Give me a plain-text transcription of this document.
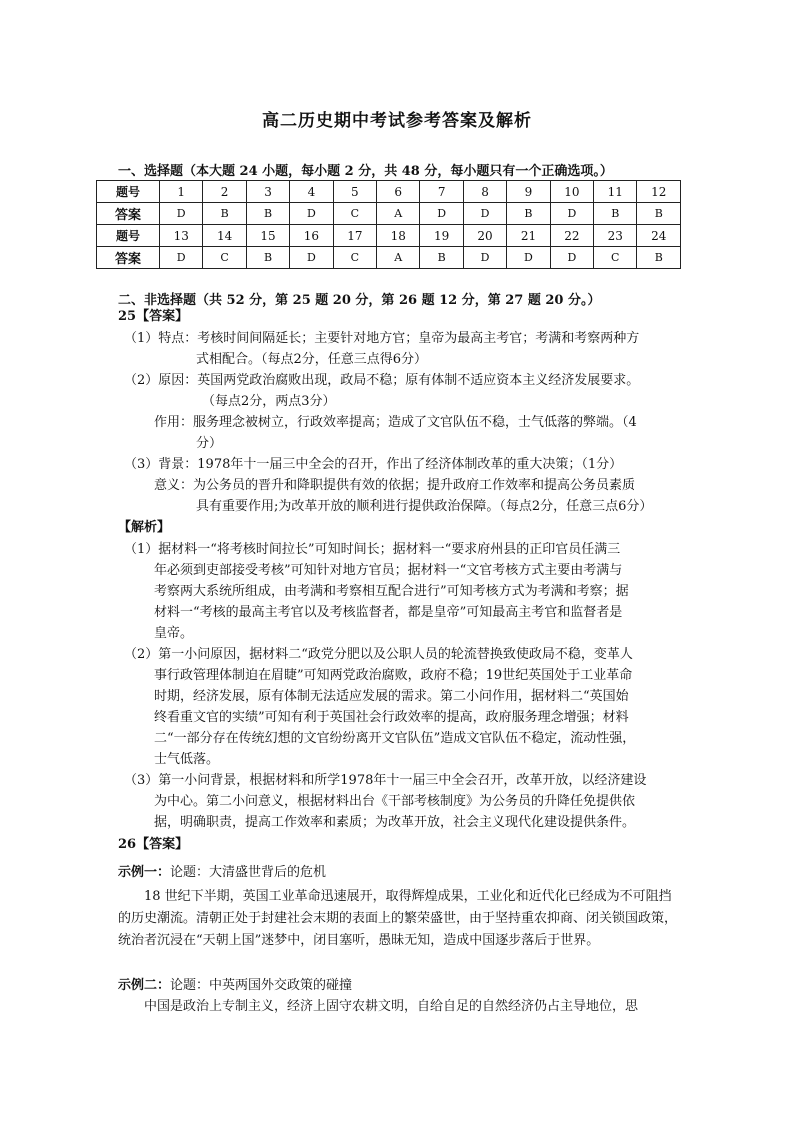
高二历史期中考试参考答案及解析
一、选择题（本大题 24 小题，每小题 2 分，共 48 分，每小题只有一个正确选项。）
题号	1	2	3	4	5	6	7	8	9	10	11	12
答案	D	B	B	D	C	A	D	D	B	D	B	B
题号	13	14	15	16	17	18	19	20	21	22	23	24
答案	D	C	B	D	C	A	B	D	D	D	C	B
二、非选择题（共 52 分，第 25 题 20 分，第 26 题 12 分，第 27 题 20 分。）
25【答案】
（1）特点：考核时间间隔延长；主要针对地方官；皇帝为最高主考官；考满和考察两种方
式相配合。（每点2分，任意三点得6分）
（2）原因：英国两党政治腐败出现，政局不稳；原有体制不适应资本主义经济发展要求。
（每点2分，两点3分）
作用：服务理念被树立，行政效率提高；造成了文官队伍不稳，士气低落的弊端。（4
分）
（3）背景：1978年十一届三中全会的召开，作出了经济体制改革的重大决策；（1分）
意义：为公务员的晋升和降职提供有效的依据；提升政府工作效率和提高公务员素质
具有重要作用;为改革开放的顺利进行提供政治保障。（每点2分，任意三点6分）
【解析】
（1）据材料一“将考核时间拉长”可知时间长；据材料一“要求府州县的正印官员任满三
年必须到吏部接受考核”可知针对地方官员；据材料一“文官考核方式主要由考满与
考察两大系统所组成，由考满和考察相互配合进行”可知考核方式为考满和考察；据
材料一“考核的最高主考官以及考核监督者，都是皇帝”可知最高主考官和监督者是
皇帝。
（2）第一小问原因，据材料二“政党分肥以及公职人员的轮流替换致使政局不稳，变革人
事行政管理体制迫在眉睫”可知两党政治腐败，政府不稳；19世纪英国处于工业革命
时期，经济发展，原有体制无法适应发展的需求。第二小问作用，据材料二“英国始
终看重文官的实绩”可知有利于英国社会行政效率的提高，政府服务理念增强；材料
二“一部分存在传统幻想的文官纷纷离开文官队伍”造成文官队伍不稳定，流动性强，
士气低落。
（3）第一小问背景，根据材料和所学1978年十一届三中全会召开，改革开放，以经济建设
为中心。第二小问意义，根据材料出台《干部考核制度》为公务员的升降任免提供依
据，明确职责，提高工作效率和素质；为改革开放，社会主义现代化建设提供条件。
26【答案】
示例一：论题：大清盛世背后的危机
18 世纪下半期，英国工业革命迅速展开，取得辉煌成果，工业化和近代化已经成为不可阻挡的历史潮流。清朝正处于封建社会末期的表面上的繁荣盛世，由于坚持重农抑商、闭关锁国政策，统治者沉浸在“天朝上国”迷梦中，闭目塞听，愚昧无知，造成中国逐步落后于世界。
示例二：论题：中英两国外交政策的碰撞
中国是政治上专制主义，经济上固守农耕文明，自给自足的自然经济仍占主导地位，思
